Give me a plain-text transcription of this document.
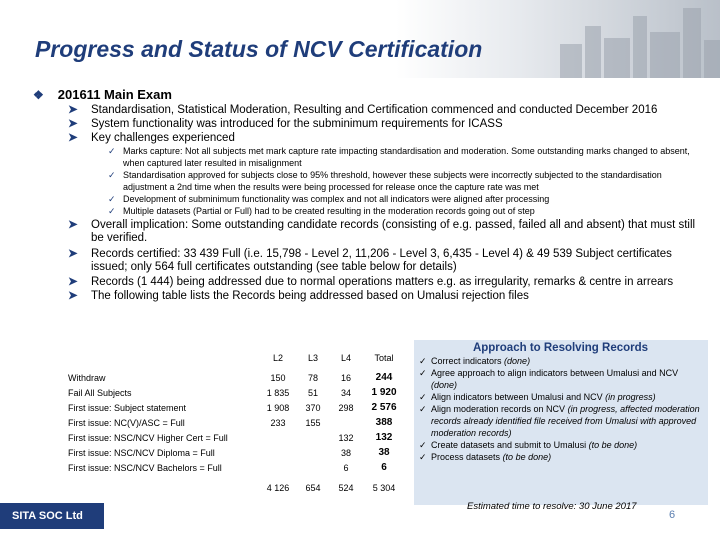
Progress and Status of NCV Certification
❖ 201611 Main Exam
➤ Standardisation, Statistical Moderation, Resulting and Certification commenced and conducted December 2016
➤ System functionality was introduced for the subminimum requirements for ICASS
➤ Key challenges experienced
✓ Marks capture: Not all subjects met mark capture rate impacting standardisation and moderation. Some outstanding marks changed to absent, when captured later resulted in misalignment
✓ Standardisation approved for subjects close to 95% threshold, however these subjects were incorrectly subjected to the standardisation adjustment a 2nd time when the results were being processed for release once the capture rate was met
✓ Development of subminimum functionality was complex and not all indicators were aligned after processing
✓ Multiple datasets (Partial or Full) had to be created resulting in the moderation records going out of step
➤ Overall implication: Some outstanding candidate records (consisting of e.g. passed, failed all and absent) that must still be verified.
➤ Records certified: 33 439 Full (i.e. 15,798 - Level 2, 11,206 - Level 3, 6,435 - Level 4) & 49 539 Subject certificates issued; only 564 full certificates outstanding (see table below for details)
➤ Records (1 444) being addressed due to normal operations matters e.g. as irregularity, remarks & centre in arrears
➤ The following table lists the Records being addressed based on Umalusi rejection files
	L2	L3	L4	Total
Withdraw	150	78	16	244
Fail All Subjects	1 835	51	34	1 920
First issue: Subject statement	1 908	370	298	2 576
First issue: NC(V)/ASC = Full	233	155		388
First issue: NSC/NCV Higher Cert = Full			132	132
First issue: NSC/NCV Diploma = Full			38	38
First issue: NSC/NCV Bachelors = Full			6	6
	4 126	654	524	5 304
Approach to Resolving Records
✓ Correct indicators (done)
✓ Agree approach to align indicators between Umalusi and NCV (done)
✓ Align indicators between Umalusi and NCV (in progress)
✓ Align moderation records on NCV (in progress, affected moderation records already identified file received from Umalusi with approved moderation records)
✓ Create datasets and submit to Umalusi (to be done)
✓ Process datasets (to be done)
Estimated time to resolve: 30 June 2017
SITA SOC Ltd	6
